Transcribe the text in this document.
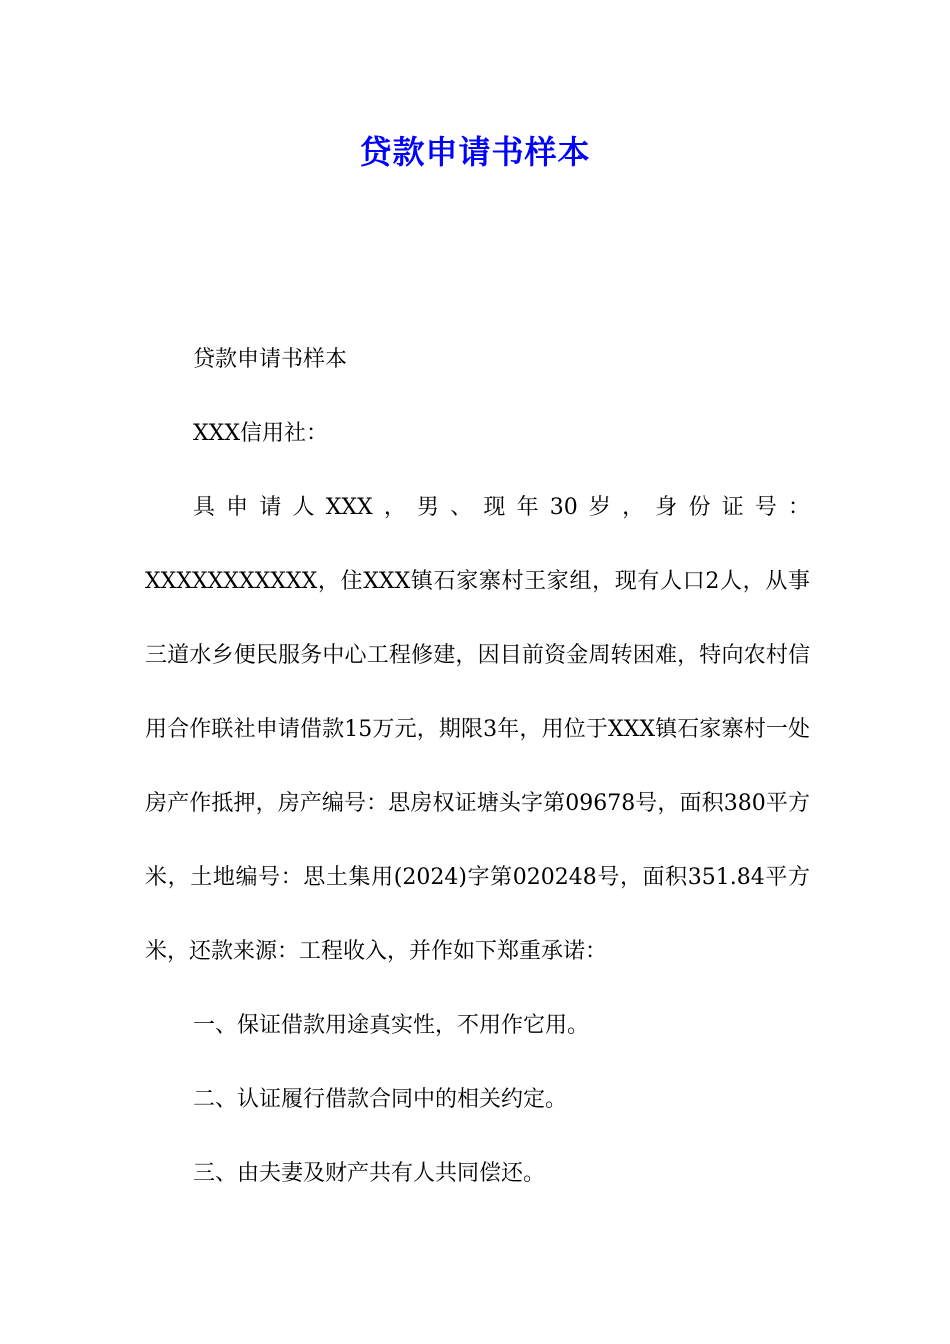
贷款申请书样本

贷款申请书样本

XXX信用社：

具申请人XXX，男、现年30岁，身份证号：XXXXXXXXXXX，住XXX镇石家寨村王家组，现有人口2人，从事三道水乡便民服务中心工程修建，因目前资金周转困难，特向农村信用合作联社申请借款15万元，期限3年，用位于XXX镇石家寨村一处房产作抵押，房产编号：思房权证塘头字第09678号，面积380平方米，土地编号：思土集用(2024)字第020248号，面积351.84平方米，还款来源：工程收入，并作如下郑重承诺：

一、保证借款用途真实性，不用作它用。

二、认证履行借款合同中的相关约定。

三、由夫妻及财产共有人共同偿还。
